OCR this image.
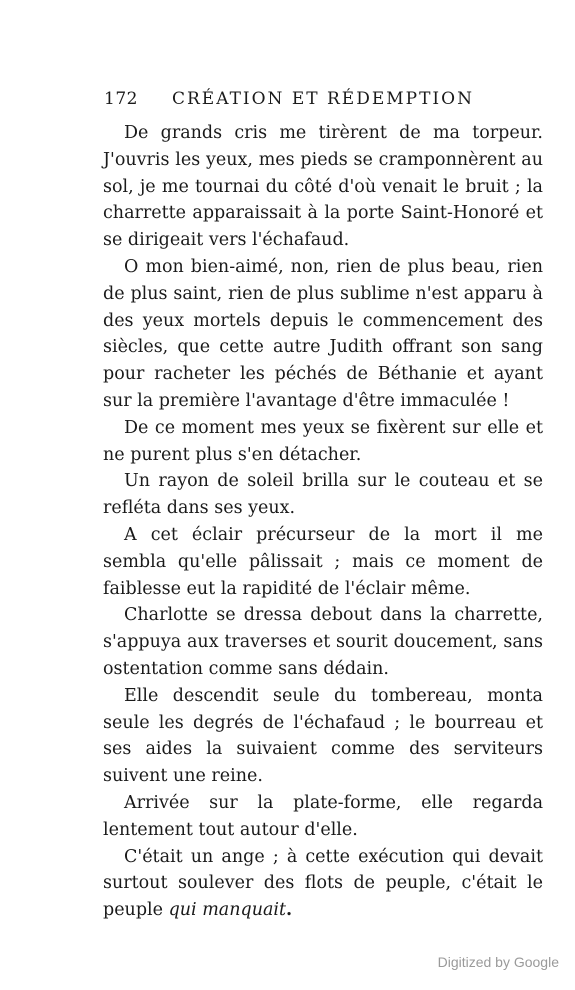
172 CRÉATION ET RÉDEMPTION

De grands cris me tirèrent de ma torpeur. J'ouvris les yeux, mes pieds se cramponnèrent au sol, je me tournai du côté d'où venait le bruit ; la charrette apparaissait à la porte Saint-Honoré et se dirigeait vers l'échafaud.

O mon bien-aimé, non, rien de plus beau, rien de plus saint, rien de plus sublime n'est apparu à des yeux mortels depuis le commencement des siècles, que cette autre Judith offrant son sang pour racheter les péchés de Béthanie et ayant sur la première l'avantage d'être immaculée !

De ce moment mes yeux se fixèrent sur elle et ne purent plus s'en détacher.

Un rayon de soleil brilla sur le couteau et se refléta dans ses yeux.

A cet éclair précurseur de la mort il me sembla qu'elle pâlissait ; mais ce moment de faiblesse eut la rapidité de l'éclair même.

Charlotte se dressa debout dans la charrette, s'appuya aux traverses et sourit doucement, sans ostentation comme sans dédain.

Elle descendit seule du tombereau, monta seule les degrés de l'échafaud ; le bourreau et ses aides la suivaient comme des serviteurs suivent une reine.

Arrivée sur la plate-forme, elle regarda lentement tout autour d'elle.

C'était un ange ; à cette exécution qui devait surtout soulever des flots de peuple, c'était le peuple qui manquait.

Digitized by Google
